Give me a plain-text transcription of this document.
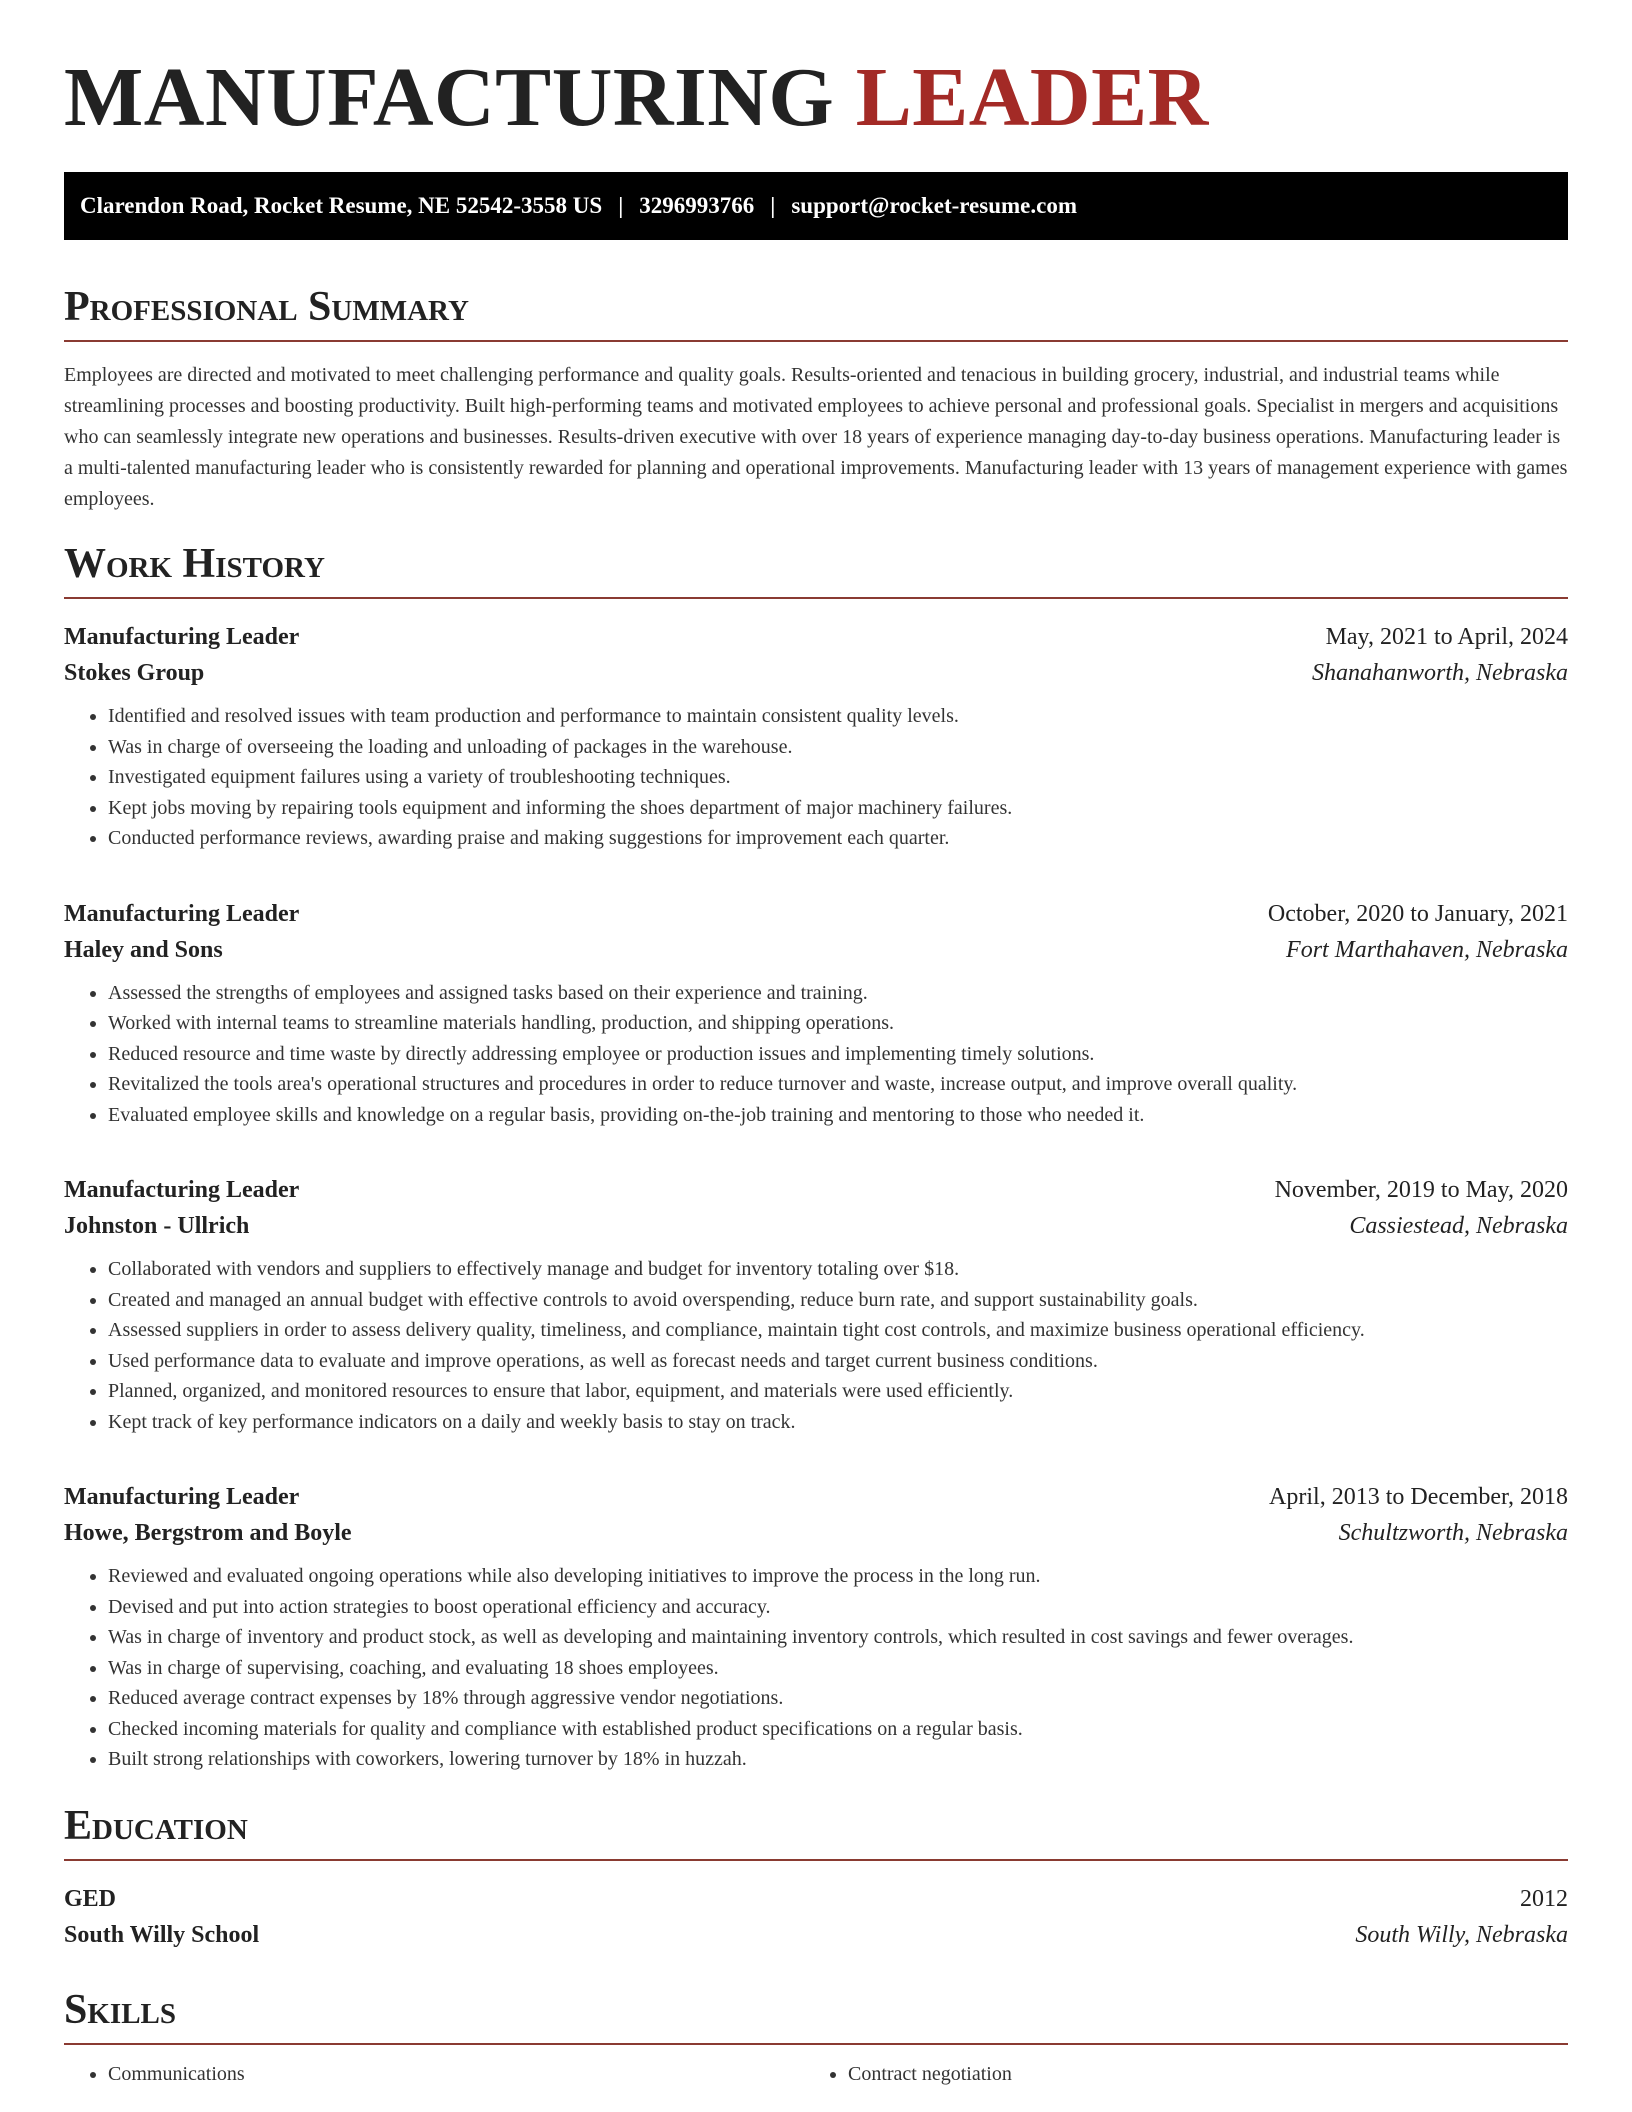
MANUFACTURING LEADER
Clarendon Road, Rocket Resume, NE 52542-3558 US | 3296993766 | support@rocket-resume.com
Professional Summary

Employees are directed and motivated to meet challenging performance and quality goals. Results-oriented and tenacious in building grocery, industrial, and industrial teams while streamlining processes and boosting productivity. Built high-performing teams and motivated employees to achieve personal and professional goals. Specialist in mergers and acquisitions who can seamlessly integrate new operations and businesses. Results-driven executive with over 18 years of experience managing day-to-day business operations. Manufacturing leader is a multi-talented manufacturing leader who is consistently rewarded for planning and operational improvements. Manufacturing leader with 13 years of management experience with games employees.

Work History
Manufacturing Leader	May, 2021 to April, 2024
Stokes Group	Shanahanworth, Nebraska
• Identified and resolved issues with team production and performance to maintain consistent quality levels.
• Was in charge of overseeing the loading and unloading of packages in the warehouse.
• Investigated equipment failures using a variety of troubleshooting techniques.
• Kept jobs moving by repairing tools equipment and informing the shoes department of major machinery failures.
• Conducted performance reviews, awarding praise and making suggestions for improvement each quarter.
Manufacturing Leader	October, 2020 to January, 2021
Haley and Sons	Fort Marthahaven, Nebraska
• Assessed the strengths of employees and assigned tasks based on their experience and training.
• Worked with internal teams to streamline materials handling, production, and shipping operations.
• Reduced resource and time waste by directly addressing employee or production issues and implementing timely solutions.
• Revitalized the tools area's operational structures and procedures in order to reduce turnover and waste, increase output, and improve overall quality.
• Evaluated employee skills and knowledge on a regular basis, providing on-the-job training and mentoring to those who needed it.
Manufacturing Leader	November, 2019 to May, 2020
Johnston - Ullrich	Cassiestead, Nebraska
• Collaborated with vendors and suppliers to effectively manage and budget for inventory totaling over $18.
• Created and managed an annual budget with effective controls to avoid overspending, reduce burn rate, and support sustainability goals.
• Assessed suppliers in order to assess delivery quality, timeliness, and compliance, maintain tight cost controls, and maximize business operational efficiency.
• Used performance data to evaluate and improve operations, as well as forecast needs and target current business conditions.
• Planned, organized, and monitored resources to ensure that labor, equipment, and materials were used efficiently.
• Kept track of key performance indicators on a daily and weekly basis to stay on track.
Manufacturing Leader	April, 2013 to December, 2018
Howe, Bergstrom and Boyle	Schultzworth, Nebraska
• Reviewed and evaluated ongoing operations while also developing initiatives to improve the process in the long run.
• Devised and put into action strategies to boost operational efficiency and accuracy.
• Was in charge of inventory and product stock, as well as developing and maintaining inventory controls, which resulted in cost savings and fewer overages.
• Was in charge of supervising, coaching, and evaluating 18 shoes employees.
• Reduced average contract expenses by 18% through aggressive vendor negotiations.
• Checked incoming materials for quality and compliance with established product specifications on a regular basis.
• Built strong relationships with coworkers, lowering turnover by 18% in huzzah.
Education
GED	2012
South Willy School	South Willy, Nebraska
Skills
• Communications
•	Contract negotiation
